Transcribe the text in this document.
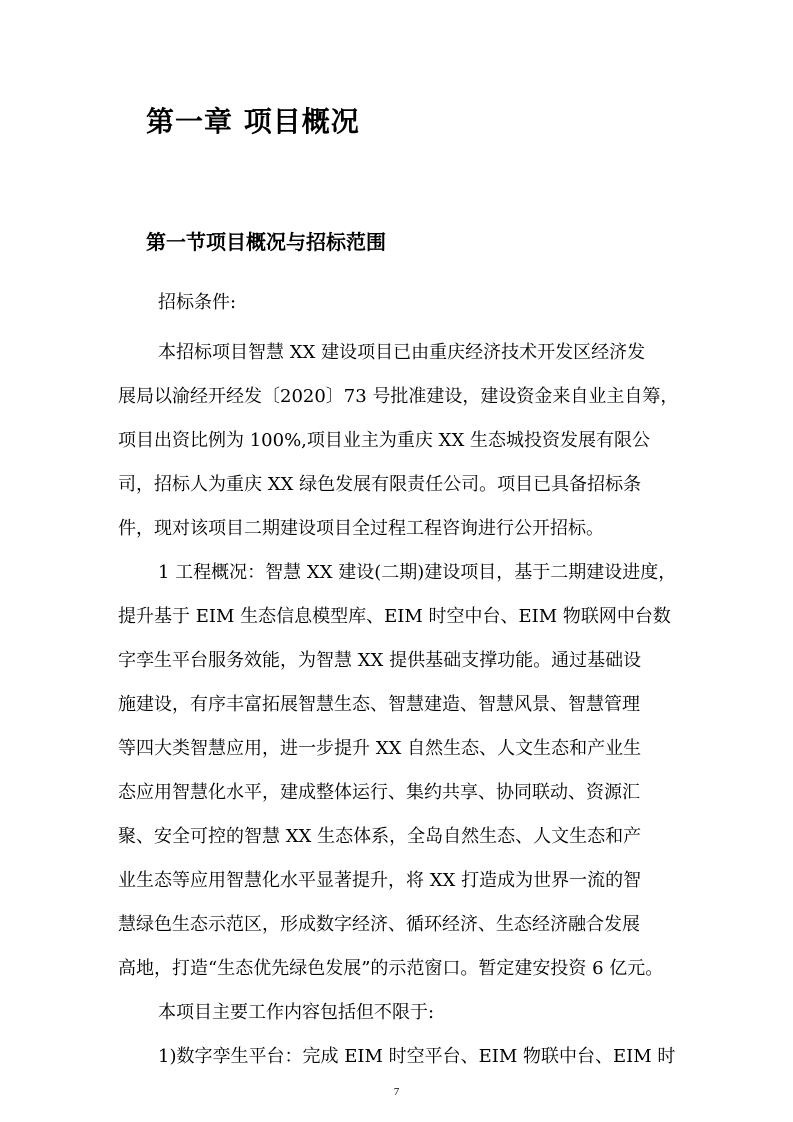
第一章 项目概况
第一节项目概况与招标范围
招标条件:
本招标项目智慧 XX 建设项目已由重庆经济技术开发区经济发
展局以渝经开经发〔2020〕73 号批准建设，建设资金来自业主自筹，
项目出资比例为 100%,项目业主为重庆 XX 生态城投资发展有限公
司，招标人为重庆 XX 绿色发展有限责任公司。项目已具备招标条
件，现对该项目二期建设项目全过程工程咨询进行公开招标。
1 工程概况：智慧 XX 建设(二期)建设项目，基于二期建设进度，
提升基于 EIM 生态信息模型库、EIM 时空中台、EIM 物联网中台数
字孪生平台服务效能，为智慧 XX 提供基础支撑功能。通过基础设
施建设，有序丰富拓展智慧生态、智慧建造、智慧风景、智慧管理
等四大类智慧应用，进一步提升 XX 自然生态、人文生态和产业生
态应用智慧化水平，建成整体运行、集约共享、协同联动、资源汇
聚、安全可控的智慧 XX 生态体系，全岛自然生态、人文生态和产
业生态等应用智慧化水平显著提升，将 XX 打造成为世界一流的智
慧绿色生态示范区，形成数字经济、循环经济、生态经济融合发展
高地，打造“生态优先绿色发展”的示范窗口。暂定建安投资 6 亿元。
本项目主要工作内容包括但不限于:
1)数字孪生平台：完成 EIM 时空平台、EIM 物联中台、EIM 时
7
